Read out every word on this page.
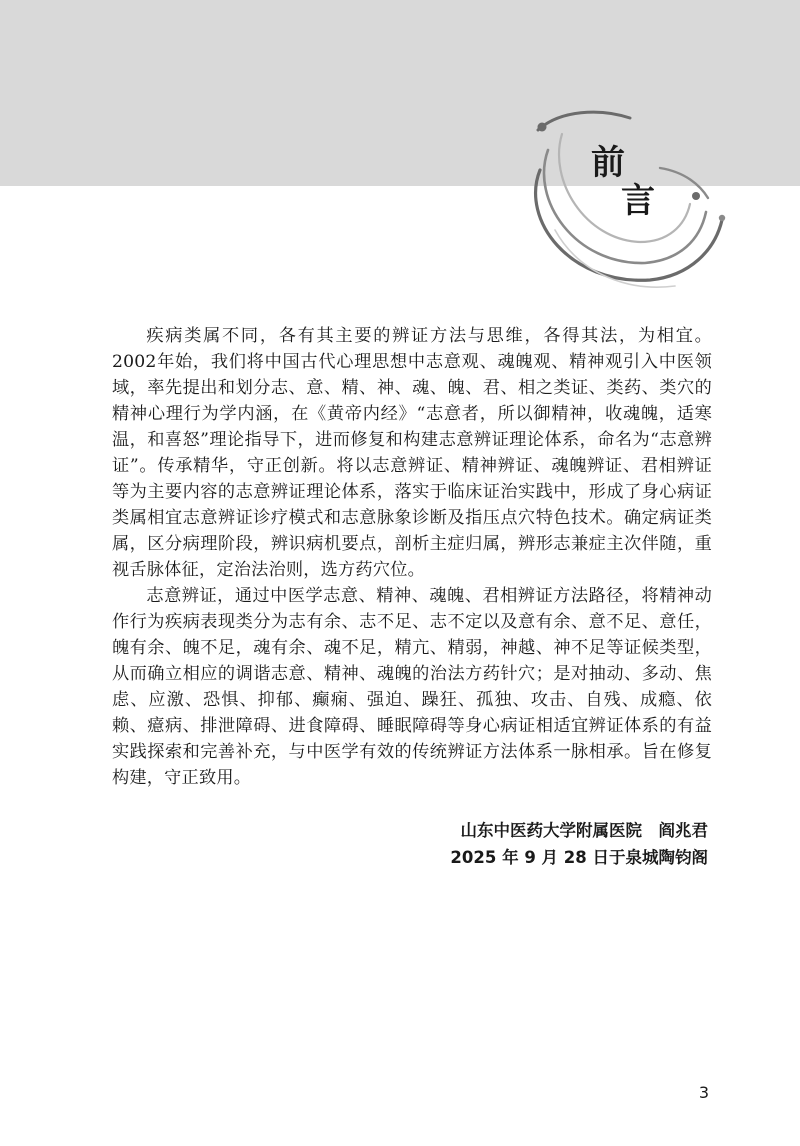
前
言

疾病类属不同，各有其主要的辨证方法与思维，各得其法，为相宜。2002年始，我们将中国古代心理思想中志意观、魂魄观、精神观引入中医领域，率先提出和划分志、意、精、神、魂、魄、君、相之类证、类药、类穴的精神心理行为学内涵，在《黄帝内经》“志意者，所以御精神，收魂魄，适寒温，和喜怒”理论指导下，进而修复和构建志意辨证理论体系，命名为“志意辨证”。传承精华，守正创新。将以志意辨证、精神辨证、魂魄辨证、君相辨证等为主要内容的志意辨证理论体系，落实于临床证治实践中，形成了身心病证类属相宜志意辨证诊疗模式和志意脉象诊断及指压点穴特色技术。确定病证类属，区分病理阶段，辨识病机要点，剖析主症归属，辨形志兼症主次伴随，重视舌脉体征，定治法治则，选方药穴位。

志意辨证，通过中医学志意、精神、魂魄、君相辨证方法路径，将精神动作行为疾病表现类分为志有余、志不足、志不定以及意有余、意不足、意任，魄有余、魄不足，魂有余、魂不足，精亢、精弱，神越、神不足等证候类型，从而确立相应的调谐志意、精神、魂魄的治法方药针穴；是对抽动、多动、焦虑、应激、恐惧、抑郁、癫痫、强迫、躁狂、孤独、攻击、自残、成瘾、依赖、癔病、排泄障碍、进食障碍、睡眠障碍等身心病证相适宜辨证体系的有益实践探索和完善补充，与中医学有效的传统辨证方法体系一脉相承。旨在修复构建，守正致用。

山东中医药大学附属医院　阎兆君
2025 年 9 月 28 日于泉城陶钧阁
3
